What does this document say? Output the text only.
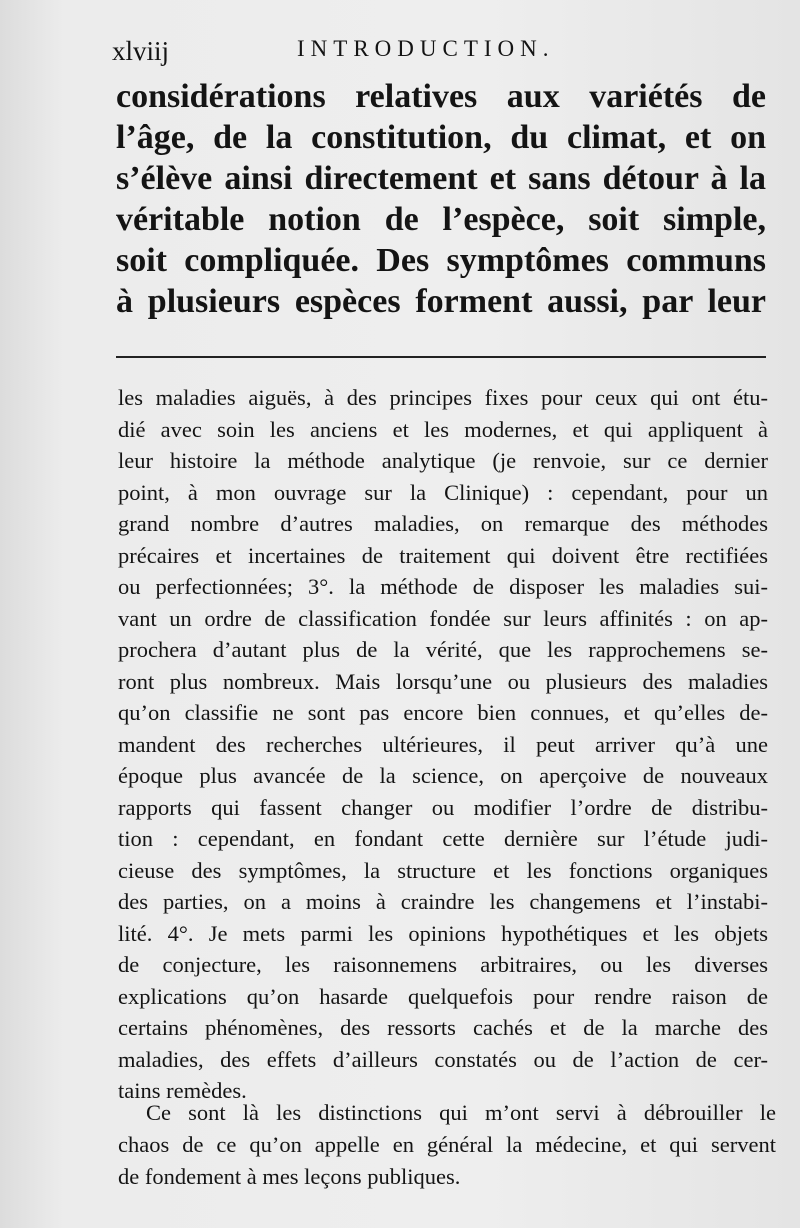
xlviij	INTRODUCTION.
considérations relatives aux variétés de
l’âge, de la constitution, du climat, et on
s’élève ainsi directement et sans détour à la
véritable notion de l’espèce, soit simple,
soit compliquée. Des symptômes communs
à plusieurs espèces forment aussi, par leur
les maladies aiguës, à des principes fixes pour ceux qui ont étu-
dié avec soin les anciens et les modernes, et qui appliquent à
leur histoire la méthode analytique (je renvoie, sur ce dernier
point, à mon ouvrage sur la Clinique) : cependant, pour un
grand nombre d’autres maladies, on remarque des méthodes
précaires et incertaines de traitement qui doivent être rectifiées
ou perfectionnées; 3°. la méthode de disposer les maladies sui-
vant un ordre de classification fondée sur leurs affinités : on ap-
prochera d’autant plus de la vérité, que les rapprochemens se-
ront plus nombreux. Mais lorsqu’une ou plusieurs des maladies
qu’on classifie ne sont pas encore bien connues, et qu’elles de-
mandent des recherches ultérieures, il peut arriver qu’à une
époque plus avancée de la science, on aperçoive de nouveaux
rapports qui fassent changer ou modifier l’ordre de distribu-
tion : cependant, en fondant cette dernière sur l’étude judi-
cieuse des symptômes, la structure et les fonctions organiques
des parties, on a moins à craindre les changemens et l’instabi-
lité. 4°. Je mets parmi les opinions hypothétiques et les objets
de conjecture, les raisonnemens arbitraires, ou les diverses
explications qu’on hasarde quelquefois pour rendre raison de
certains phénomènes, des ressorts cachés et de la marche des
maladies, des effets d’ailleurs constatés ou de l’action de cer-
tains remèdes.
Ce sont là les distinctions qui m’ont servi à débrouiller le
chaos de ce qu’on appelle en général la médecine, et qui servent
de fondement à mes leçons publiques.
